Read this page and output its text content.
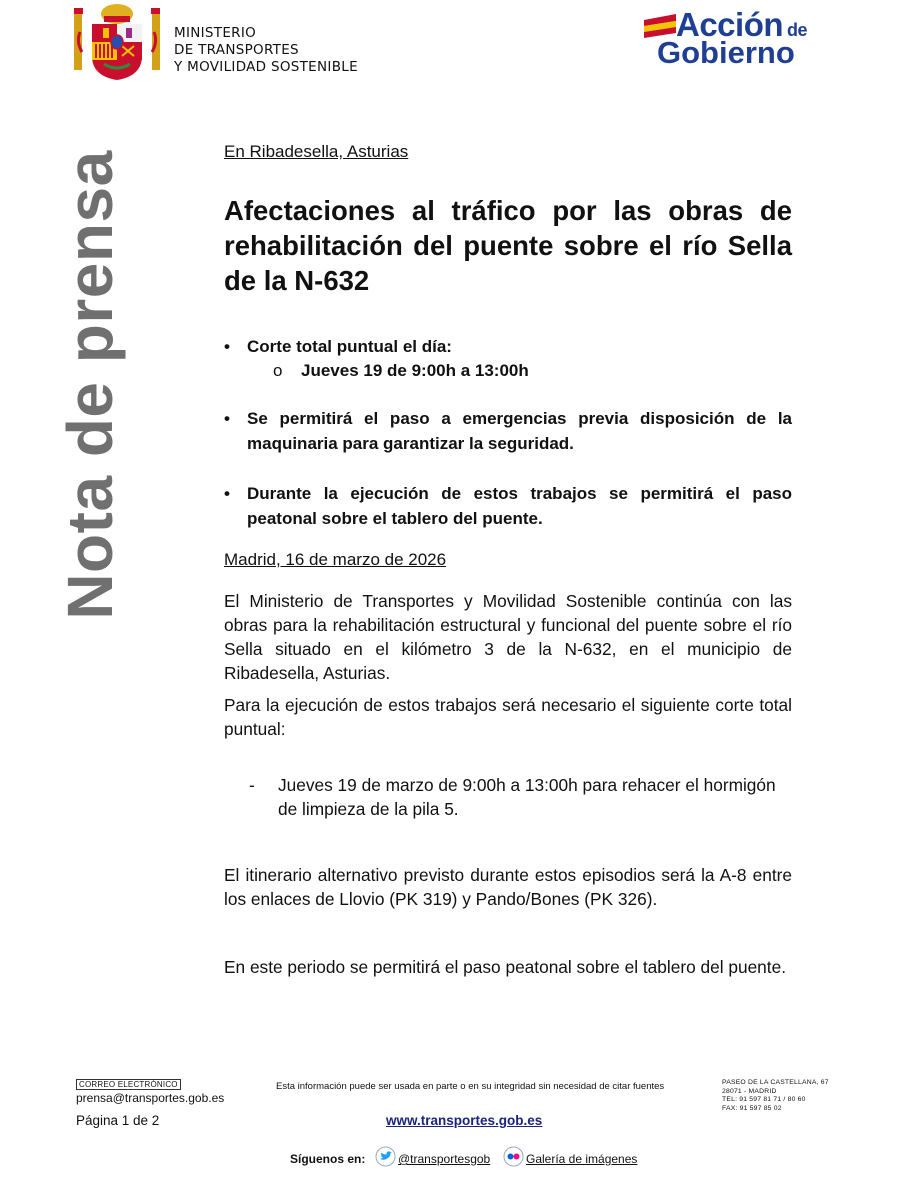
MINISTERIO
DE TRANSPORTES
Y MOVILIDAD SOSTENIBLE
Acción de
Gobierno
Nota de prensa	En Ribadesella, Asturias
Afectaciones al tráfico por las obras de rehabilitación del puente sobre el río Sella de la N-632
• Corte total puntual el día:
o Jueves 19 de 9:00h a 13:00h
• Se permitirá el paso a emergencias previa disposición de la maquinaria para garantizar la seguridad.
• Durante la ejecución de estos trabajos se permitirá el paso peatonal sobre el tablero del puente.
Madrid, 16 de marzo de 2026
El Ministerio de Transportes y Movilidad Sostenible continúa con las obras para la rehabilitación estructural y funcional del puente sobre el río Sella situado en el kilómetro 3 de la N-632, en el municipio de Ribadesella, Asturias.
Para la ejecución de estos trabajos será necesario el siguiente corte total puntual:
- Jueves 19 de marzo de 9:00h a 13:00h para rehacer el hormigón de limpieza de la pila 5.
El itinerario alternativo previsto durante estos episodios será la A-8 entre los enlaces de Llovio (PK 319) y Pando/Bones (PK 326).
En este periodo se permitirá el paso peatonal sobre el tablero del puente.
CORREO ELECTRÓNICO
prensa@transportes.gob.es
Página 1 de 2
Esta información puede ser usada en parte o en su integridad sin necesidad de citar fuentes
www.transportes.gob.es
PASEO DE LA CASTELLANA, 67
28071 - MADRID
TEL: 91 597 81 71 / 80 60
FAX: 91 597 85 02
Síguenos en:	@transportesgob	Galería de imágenes
